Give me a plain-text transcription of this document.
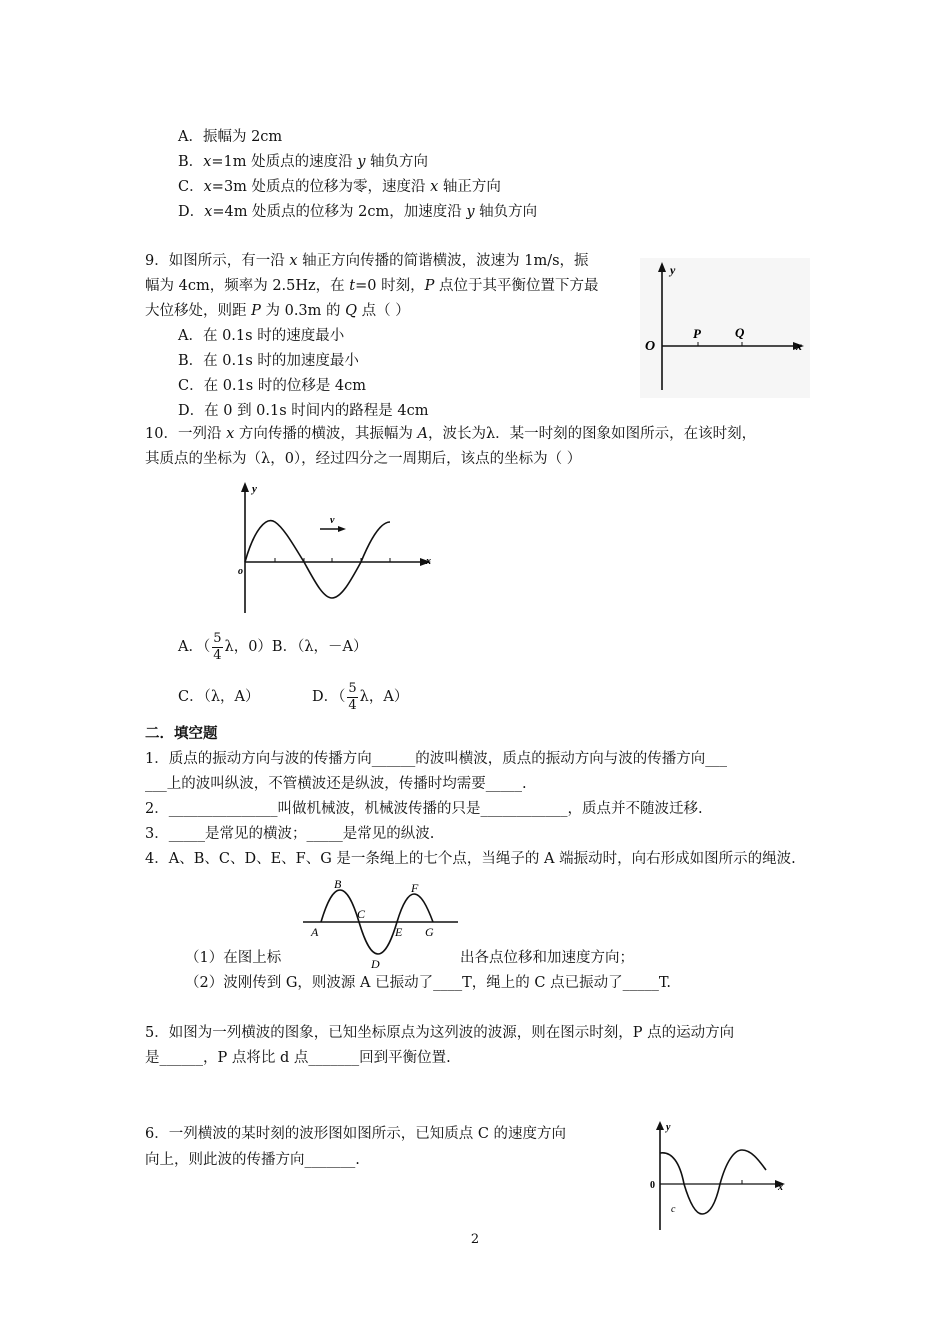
A．振幅为 2cm
B．x=1m 处质点的速度沿 y 轴负方向
C．x=3m 处质点的位移为零，速度沿 x 轴正方向
D．x=4m 处质点的位移为 2cm，加速度沿 y 轴负方向
9．如图所示，有一沿 x 轴正方向传播的简谐横波，波速为 1m/s，振
幅为 4cm，频率为 2.5Hz，在 t=0 时刻，P 点位于其平衡位置下方最
大位移处，则距 P 为 0.3m 的 Q 点（ ）
A．在 0.1s 时的速度最小
B．在 0.1s 时的加速度最小
C．在 0.1s 时的位移是 4cm
D．在 0 到 0.1s 时间内的路程是 4cm
y
O
P	Q
x
10．一列沿 x 方向传播的横波，其振幅为 A，波长为λ．某一时刻的图象如图所示，在该时刻，
其质点的坐标为（λ，0），经过四分之一周期后，该点的坐标为（ ）
v
y
o
x
A．（ $\frac{5}{4}$ λ，0）B．（λ，－A）
C．（λ，A）	D．（ $\frac{5}{4}$ λ，A）
二．填空题
1．质点的振动方向与波的传播方向______的波叫横波，质点的振动方向与波的传播方向___
___上的波叫纵波，不管横波还是纵波，传播时均需要_____.
2．_______________叫做机械波，机械波传播的只是____________，质点并不随波迁移.
3．_____是常见的横波；_____是常见的纵波.
4．A、B、C、D、E、F、G 是一条绳上的七个点，当绳子的 A 端振动时，向右形成如图所示的绳波.
A
B
C
D
E
F
G
（1）在图上标	出各点位移和加速度方向；
（2）波刚传到 G，则波源 A 已振动了____T，绳上的 C 点已振动了_____T.
5．如图为一列横波的图象，已知坐标原点为这列波的波源，则在图示时刻，P 点的运动方向
是______，P 点将比 d 点_______回到平衡位置.
6．一列横波的某时刻的波形图如图所示，已知质点 C 的速度方向
向上，则此波的传播方向_______.
y
0	x
c
2
